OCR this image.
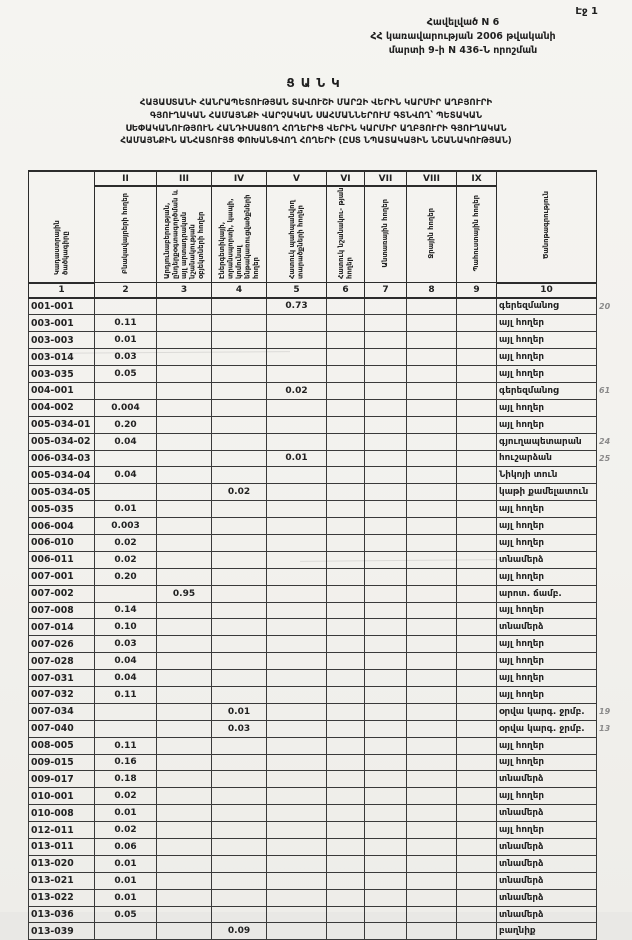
Էջ 1
Հավելված N 6
ՀՀ կառավարության 2006 թվականի
մարտի 9-ի N 436-Ն որոշման
ՑԱՆԿ
ՀԱՅԱՍՏԱՆԻ ՀԱՆՐԱՊԵՏՈՒԹՅԱՆ ՏԱՎՈՒՇԻ ՄԱՐԶԻ ՎԵՐԻՆ ԿԱՐՄԻՐ ԱՂԲՅՈՒՐԻ
ԳՅՈՒՂԱԿԱՆ ՀԱՄԱՅՆՔԻ ՎԱՐՉԱԿԱՆ ՍԱՀՄԱՆՆԵՐՈՒՄ ԳՏՆՎՈՂ՝ ՊԵՏԱԿԱՆ
ՍԵՓԱԿԱՆՈՒԹՅՈՒՆ ՀԱՆԴԻՍԱՑՈՂ ՀՈՂԵՐԻՑ ՎԵՐԻՆ ԿԱՐՄԻՐ ԱՂԲՅՈՒՐԻ ԳՅՈՒՂԱԿԱՆ
ՀԱՄԱՅՆՔԻՆ ԱՆՀԱՏՈՒՅՑ ՓՈԽԱՆՑՎՈՂ ՀՈՂԵՐԻ (ԸՍՏ ՆՊԱՏԱԿԱՅԻՆ ՆՇԱՆԱԿՈՒԹՅԱՆ)
Կադաստրային ծածկագիրը	II	III	IV	V	VI	VII	VIII	IX	Ծանոթագրություն	
	Բնակավայրերի հողեր	Արդյունաբերության, ընդերքօգտագործման և այլ արտադրական նշանակության օբյեկտների հողեր	Էներգետիկայի, տրանսպորտի, կապի, կոմունալ ենթակառուցվածքների հողեր	Հատուկ պահպանվող տարածքների հողեր	Հատուկ նշանակու- թյան հողեր	Անտառային հողեր	Ջրային հողեր	Պահուստային հողեր		
1	2	3	4	5	6	7	8	9	10	
001-001				0.73					գերեզմանոց	20
003-001	0.11								այլ հողեր	
003-003	0.01								այլ հողեր	
003-014	0.03								այլ հողեր	
003-035	0.05								այլ հողեր	
004-001				0.02					գերեզմանոց	61
004-002	0.004								այլ հողեր	
005-034-01	0.20								այլ հողեր	
005-034-02	0.04								գյուղապետարան	24
006-034-03				0.01					հուշարձան	25
005-034-04	0.04								Նիկոյի տուն	
005-034-05			0.02						կաթի քամելատուն	
005-035	0.01								այլ հողեր	
006-004	0.003								այլ հողեր	
006-010	0.02								այլ հողեր	
006-011	0.02								տնամերձ	
007-001	0.20								այլ հողեր	
007-002		0.95							արոտ. ճամբ.	
007-008	0.14								այլ հողեր	
007-014	0.10								տնամերձ	
007-026	0.03								այլ հողեր	
007-028	0.04								այլ հողեր	
007-031	0.04								այլ հողեր	
007-032	0.11								այլ հողեր	
007-034			0.01						օրվա կարգ. ջրմբ.	19
007-040			0.03						օրվա կարգ. ջրմբ.	13
008-005	0.11								այլ հողեր	
009-015	0.16								այլ հողեր	
009-017	0.18								տնամերձ	
010-001	0.02								այլ հողեր	
010-008	0.01								տնամերձ	
012-011	0.02								այլ հողեր	
013-011	0.06								տնամերձ	
013-020	0.01								տնամերձ	
013-021	0.01								տնամերձ	
013-022	0.01								տնամերձ	
013-036	0.05								տնամերձ	
013-039			0.09						բաղնիք	
